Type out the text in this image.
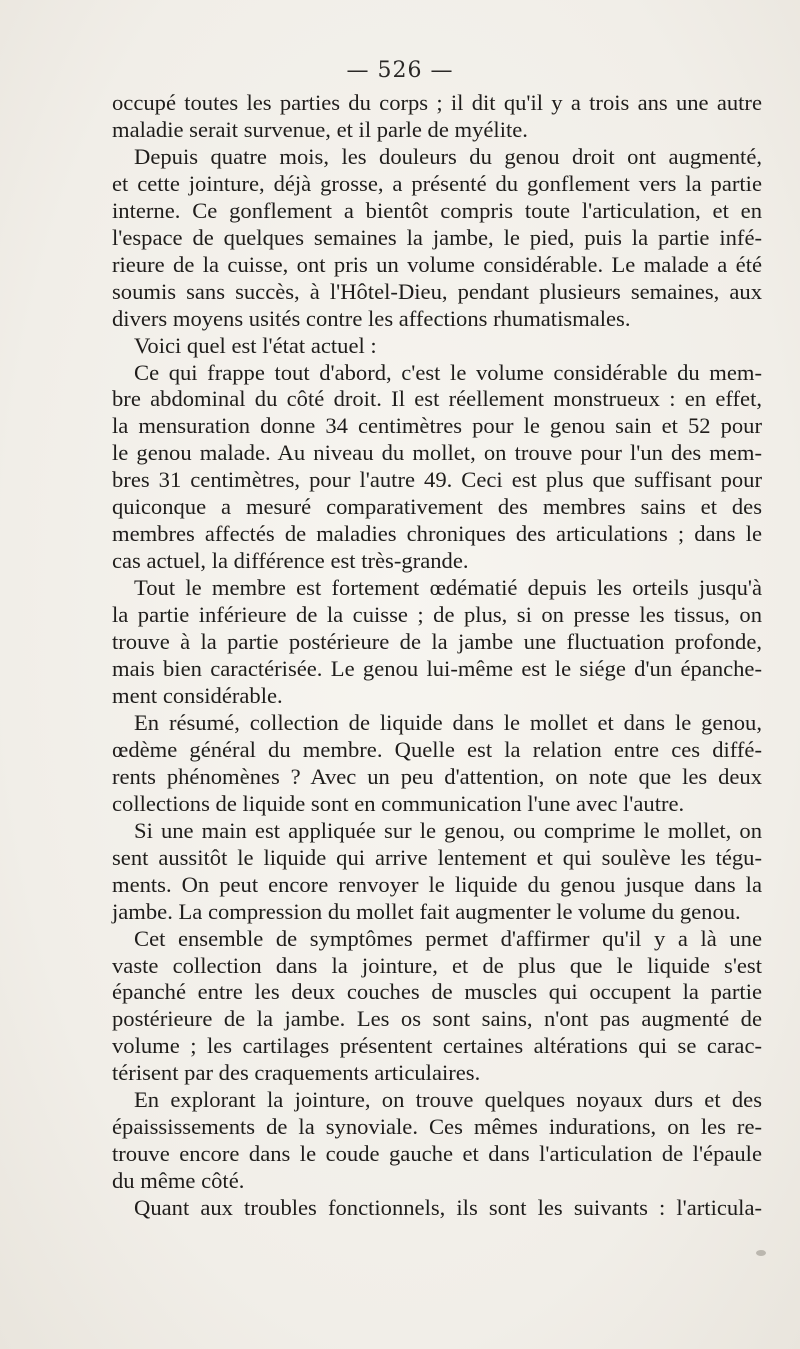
— 526 —

occupé toutes les parties du corps ; il dit qu'il y a trois ans une autre

maladie serait survenue, et il parle de myélite.

Depuis quatre mois, les douleurs du genou droit ont augmenté,

et cette jointure, déjà grosse, a présenté du gonflement vers la partie

interne. Ce gonflement a bientôt compris toute l'articulation, et en

l'espace de quelques semaines la jambe, le pied, puis la partie infé-

rieure de la cuisse, ont pris un volume considérable. Le malade a été

soumis sans succès, à l'Hôtel-Dieu, pendant plusieurs semaines, aux

divers moyens usités contre les affections rhumatismales.

Voici quel est l'état actuel :

Ce qui frappe tout d'abord, c'est le volume considérable du mem-

bre abdominal du côté droit. Il est réellement monstrueux : en effet,

la mensuration donne 34 centimètres pour le genou sain et 52 pour

le genou malade. Au niveau du mollet, on trouve pour l'un des mem-

bres 31 centimètres, pour l'autre 49. Ceci est plus que suffisant pour

quiconque a mesuré comparativement des membres sains et des

membres affectés de maladies chroniques des articulations ; dans le

cas actuel, la différence est très-grande.

Tout le membre est fortement œdématié depuis les orteils jusqu'à

la partie inférieure de la cuisse ; de plus, si on presse les tissus, on

trouve à la partie postérieure de la jambe une fluctuation profonde,

mais bien caractérisée. Le genou lui-même est le siége d'un épanche-

ment considérable.

En résumé, collection de liquide dans le mollet et dans le genou,

œdème général du membre. Quelle est la relation entre ces diffé-

rents phénomènes ? Avec un peu d'attention, on note que les deux

collections de liquide sont en communication l'une avec l'autre.

Si une main est appliquée sur le genou, ou comprime le mollet, on

sent aussitôt le liquide qui arrive lentement et qui soulève les tégu-

ments. On peut encore renvoyer le liquide du genou jusque dans la

jambe. La compression du mollet fait augmenter le volume du genou.

Cet ensemble de symptômes permet d'affirmer qu'il y a là une

vaste collection dans la jointure, et de plus que le liquide s'est

épanché entre les deux couches de muscles qui occupent la partie

postérieure de la jambe. Les os sont sains, n'ont pas augmenté de

volume ; les cartilages présentent certaines altérations qui se carac-

térisent par des craquements articulaires.

En explorant la jointure, on trouve quelques noyaux durs et des

épaississements de la synoviale. Ces mêmes indurations, on les re-

trouve encore dans le coude gauche et dans l'articulation de l'épaule

du même côté.

Quant aux troubles fonctionnels, ils sont les suivants : l'articula-
